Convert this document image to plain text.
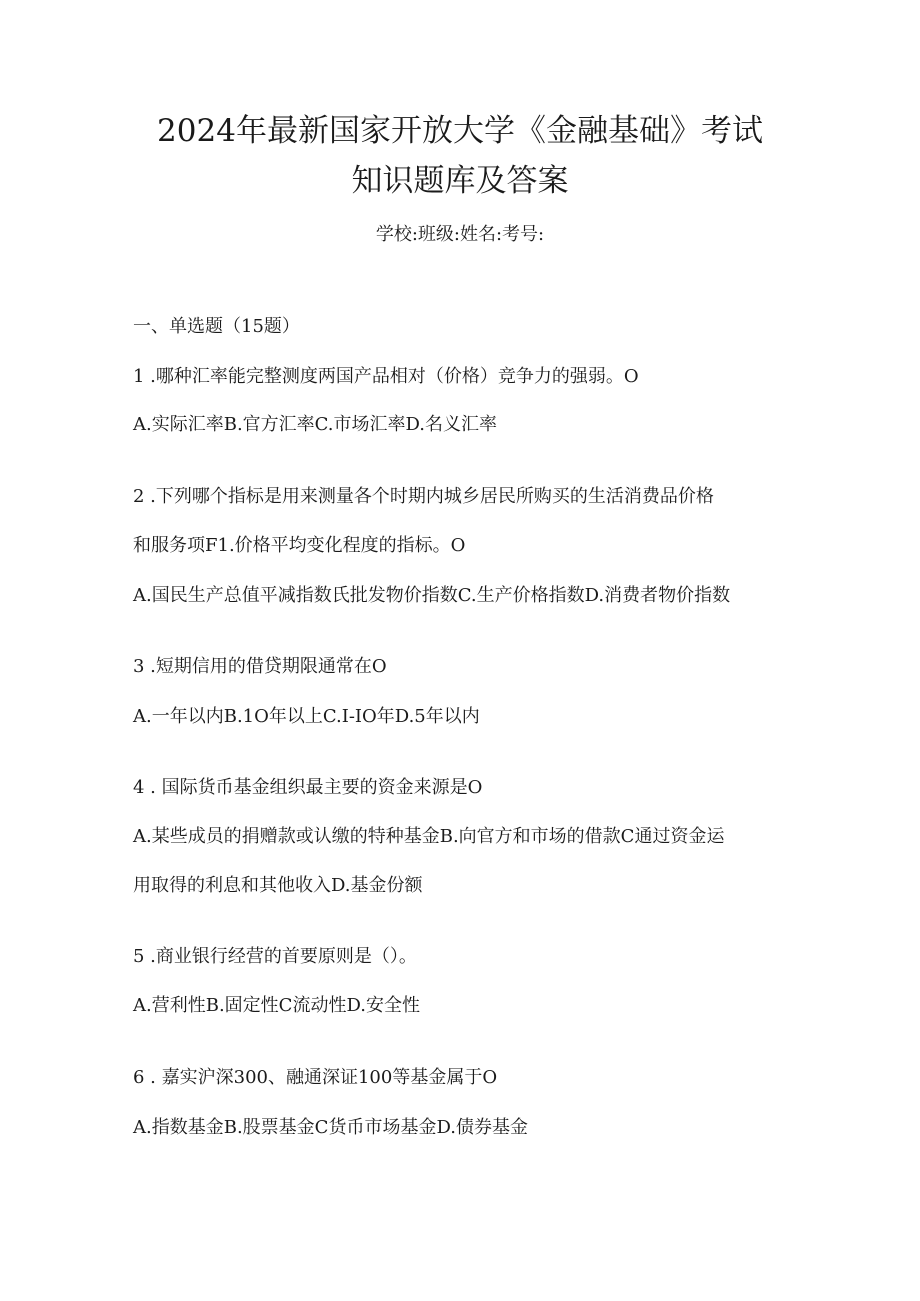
2024年最新国家开放大学《金融基础》考试
知识题库及答案
学校:班级:姓名:考号:
一、单选题（15题）
1 .哪种汇率能完整测度两国产品相对（价格）竞争力的强弱。O
A.实际汇率B.官方汇率C.市场汇率D.名义汇率
2 .下列哪个指标是用来测量各个时期内城乡居民所购买的生活消费品价格
和服务项F1.价格平均变化程度的指标。O
A.国民生产总值平减指数氏批发物价指数C.生产价格指数D.消费者物价指数
3 .短期信用的借贷期限通常在O
A.一年以内B.1O年以上C.I-IO年D.5年以内
4 . 国际货币基金组织最主要的资金来源是O
A.某些成员的捐赠款或认缴的特种基金B.向官方和市场的借款C通过资金运
用取得的利息和其他收入D.基金份额
5 .商业银行经营的首要原则是（）。
A.营利性B.固定性C流动性D.安全性
6 . 嘉实沪深300、融通深证100等基金属于O
A.指数基金B.股票基金C货币市场基金D.债券基金
